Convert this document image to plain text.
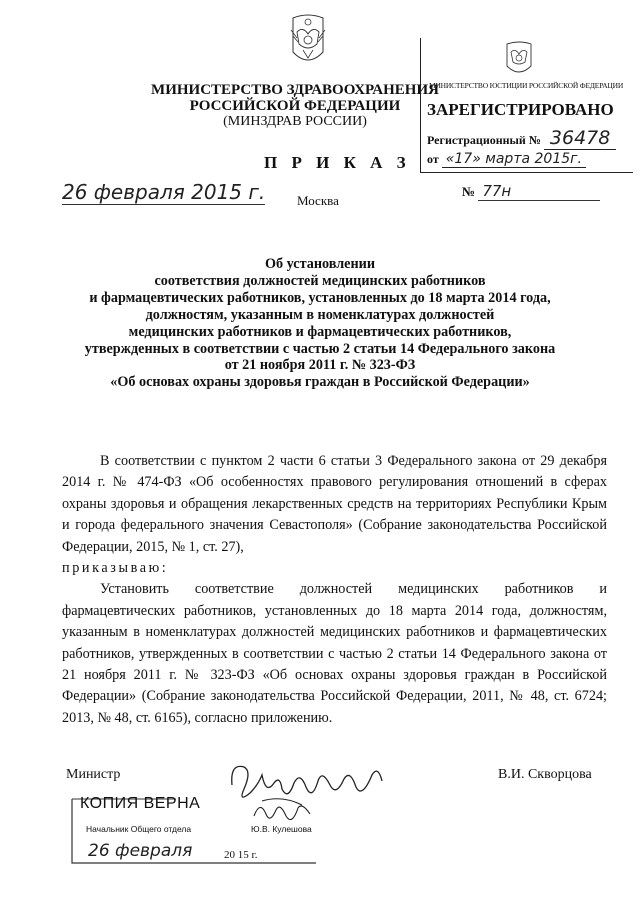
МИНИСТЕРСТВО ЗДРАВООХРАНЕНИЯ
РОССИЙСКОЙ ФЕДЕРАЦИИ
(МИНЗДРАВ РОССИИ)
МИНИСТЕРСТВО ЮСТИЦИИ РОССИЙСКОЙ ФЕДЕРАЦИИ
ЗАРЕГИСТРИРОВАНО
Регистрационный № 36478
от «17» марта 2015г.
П Р И К А З
26 февраля 2015 г.	№ 77н
Москва
Об установлении
соответствия должностей медицинских работников
и фармацевтических работников, установленных до 18 марта 2014 года,
должностям, указанным в номенклатурах должностей
медицинских работников и фармацевтических работников,
утвержденных в соответствии с частью 2 статьи 14 Федерального закона
от 21 ноября 2011 г. № 323-ФЗ
«Об основах охраны здоровья граждан в Российской Федерации»

В соответствии с пунктом 2 части 6 статьи 3 Федерального закона от 29 декабря 2014 г. № 474-ФЗ «Об особенностях правового регулирования отношений в сферах охраны здоровья и обращения лекарственных средств на территориях Республики Крым и города федерального значения Севастополя» (Собрание законодательства Российской Федерации, 2015, № 1, ст. 27),

приказываю:

Установить соответствие должностей медицинских работников и фармацевтических работников, установленных до 18 марта 2014 года, должностям, указанным в номенклатурах должностей медицинских работников и фармацевтических работников, утвержденных в соответствии с частью 2 статьи 14 Федерального закона от 21 ноября 2011 г. № 323-ФЗ «Об основах охраны здоровья граждан в Российской Федерации» (Собрание законодательства Российской Федерации, 2011, № 48, ст. 6724; 2013, № 48, ст. 6165), согласно приложению.

Министр	В.И. Скворцова
КОПИЯ ВЕРНА
Начальник Общего отдела	Ю.В. Кулешова
26 февраля	20 15 г.
